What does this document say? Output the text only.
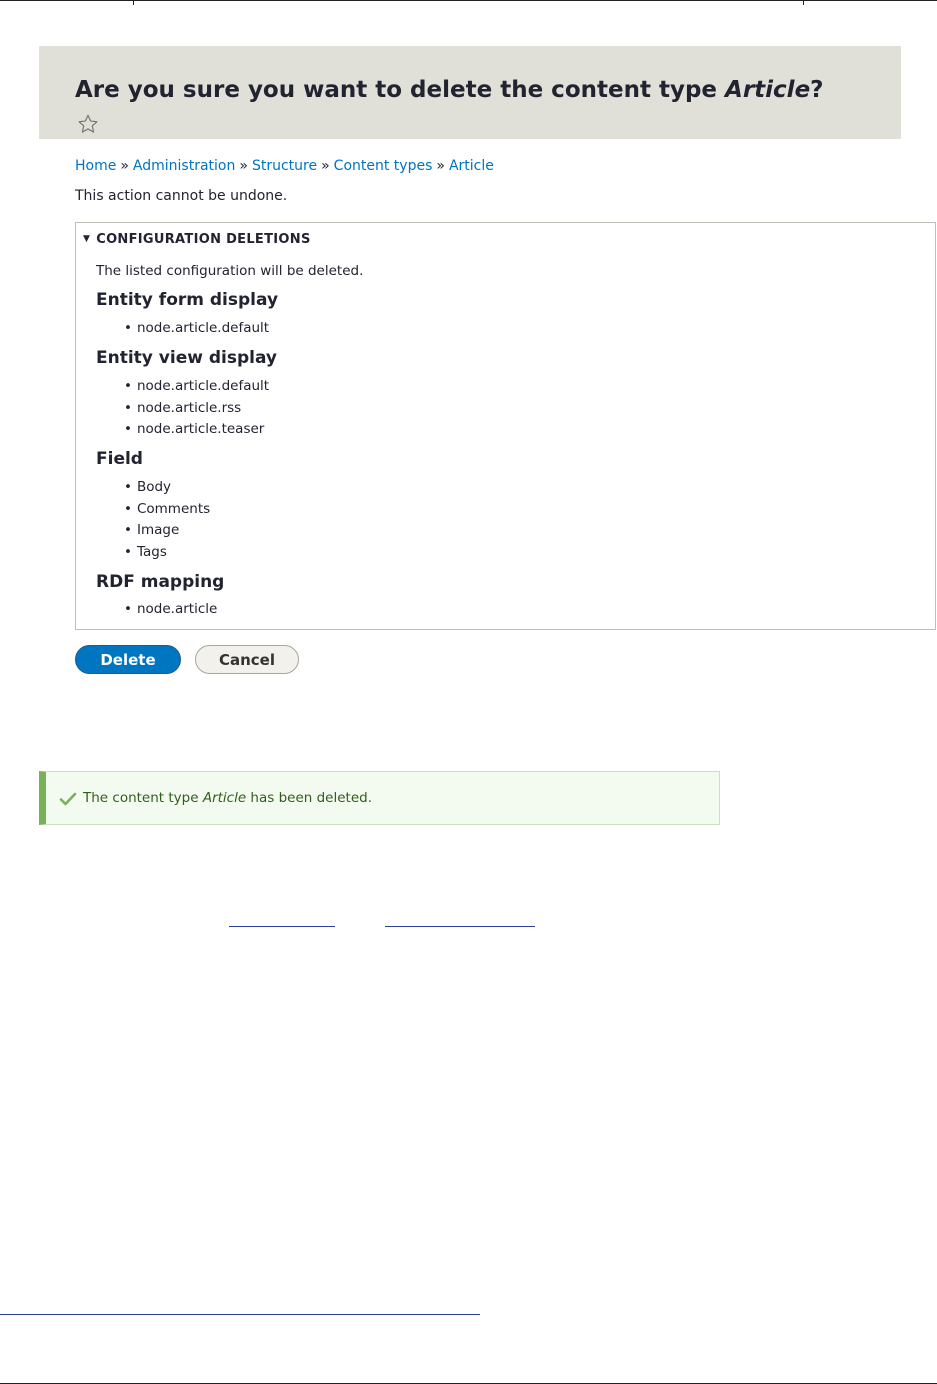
Are you sure you want to delete the content type Article?
Home » Administration » Structure » Content types » Article
This action cannot be undone.
▼ CONFIGURATION DELETIONS
The listed configuration will be deleted.
Entity form display
• node.article.default
Entity view display
• node.article.default
• node.article.rss
• node.article.teaser
Field
• Body
• Comments
• Image
• Tags
RDF mapping
• node.article
Delete	Cancel
The content type Article has been deleted.
